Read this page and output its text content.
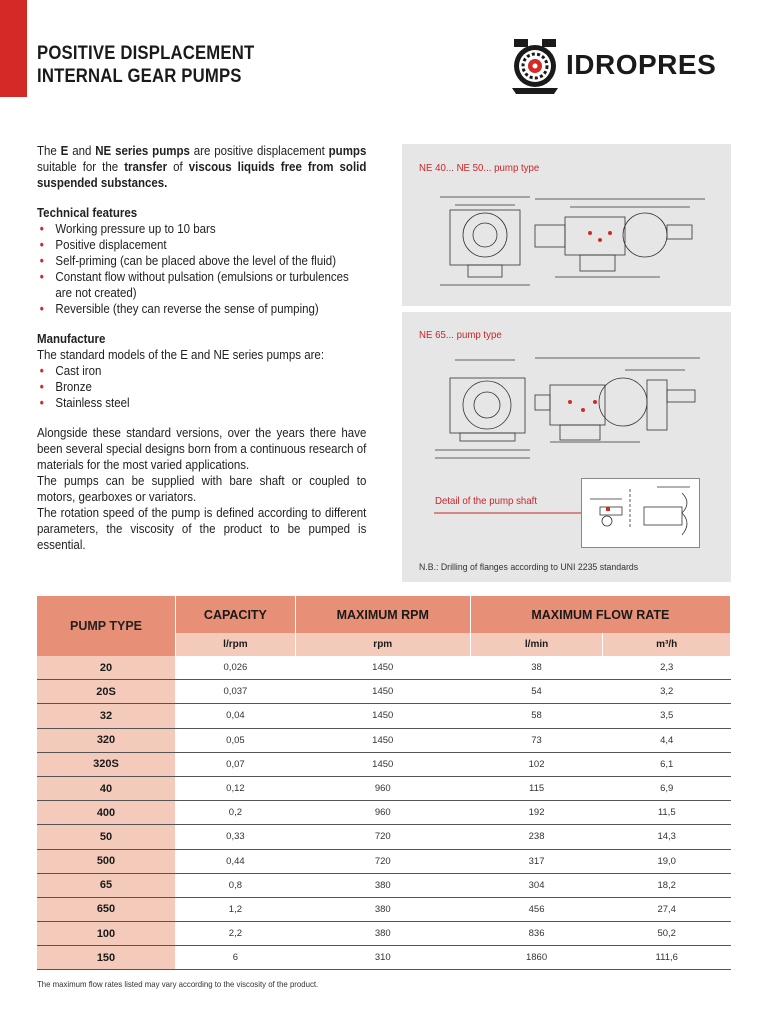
POSITIVE DISPLACEMENT
INTERNAL GEAR PUMPS	IDROPRES
The E and NE series pumps are positive displacement pumps suitable for the transfer of viscous liquids free from solid suspended substances.
Technical features
• Working pressure up to 10 bars
• Positive displacement
• Self-priming (can be placed above the level of the fluid)
• Constant flow without pulsation (emulsions or turbulences are not created)
• Reversible (they can reverse the sense of pumping)
Manufacture
The standard models of the E and NE series pumps are:
• Cast iron
• Bronze
• Stainless steel
Alongside these standard versions, over the years there have been several special designs born from a continuous research of materials for the most varied applications.
The pumps can be supplied with bare shaft or coupled to motors, gearboxes or variators.
The rotation speed of the pump is defined according to different parameters, the viscosity of the product to be pumped is essential.
NE 40... NE 50... pump type
NE 65... pump type
Detail of the pump shaft
N.B.: Drilling of flanges according to UNI 2235 standards
PUMP TYPE	CAPACITY	MAXIMUM RPM	MAXIMUM FLOW RATE	
	l/rpm	rpm	l/min	m³/h
20	0,026	1450	38	2,3
20S	0,037	1450	54	3,2
32	0,04	1450	58	3,5
320	0,05	1450	73	4,4
320S	0,07	1450	102	6,1
40	0,12	960	115	6,9
400	0,2	960	192	11,5
50	0,33	720	238	14,3
500	0,44	720	317	19,0
65	0,8	380	304	18,2
650	1,2	380	456	27,4
100	2,2	380	836	50,2
150	6	310	1860	111,6
The maximum flow rates listed may vary according to the viscosity of the product.
